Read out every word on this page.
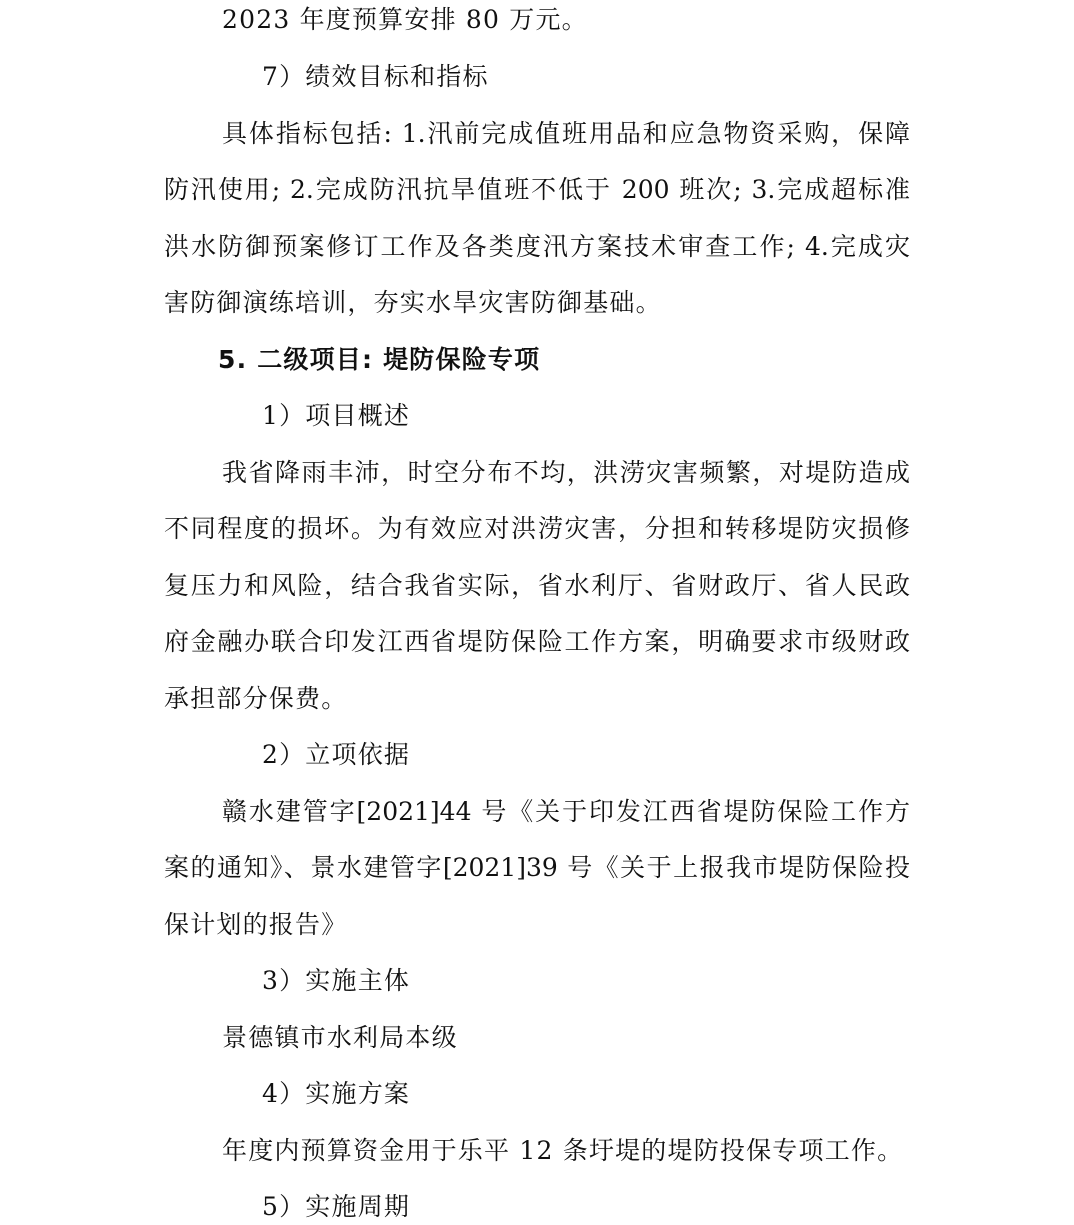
2023 年度预算安排 80 万元。
7）绩效目标和指标
具体指标包括: 1.汛前完成值班用品和应急物资采购，保障
防汛使用; 2.完成防汛抗旱值班不低于 200 班次; 3.完成超标准
洪水防御预案修订工作及各类度汛方案技术审查工作; 4.完成灾
害防御演练培训，夯实水旱灾害防御基础。
5. 二级项目: 堤防保险专项
1）项目概述
我省降雨丰沛，时空分布不均，洪涝灾害频繁，对堤防造成
不同程度的损坏。为有效应对洪涝灾害，分担和转移堤防灾损修
复压力和风险，结合我省实际，省水利厅、省财政厅、省人民政
府金融办联合印发江西省堤防保险工作方案，明确要求市级财政
承担部分保费。
2）立项依据
赣水建管字[2021]44 号《关于印发江西省堤防保险工作方
案的通知》、景水建管字[2021]39 号《关于上报我市堤防保险投
保计划的报告》
3）实施主体
景德镇市水利局本级
4）实施方案
年度内预算资金用于乐平 12 条圩堤的堤防投保专项工作。
5）实施周期
